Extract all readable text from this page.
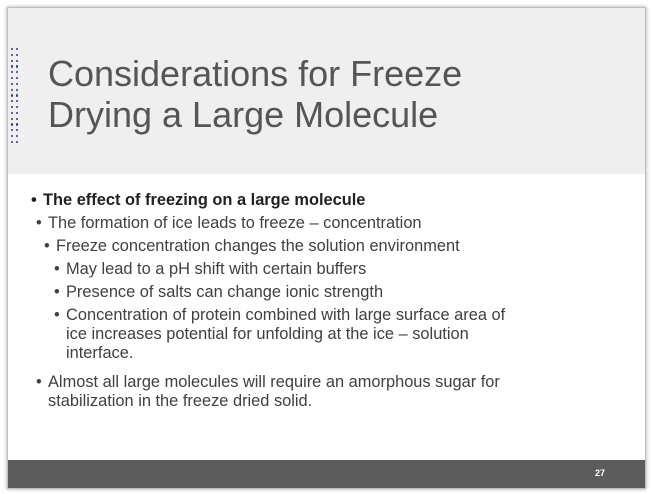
Considerations for Freeze
Drying a Large Molecule
• The effect of freezing on a large molecule
• The formation of ice leads to freeze – concentration
• Freeze concentration changes the solution environment
• May lead to a pH shift with certain buffers
• Presence of salts can change ionic strength
• Concentration of protein combined with large surface area of
ice increases potential for unfolding at the ice – solution
interface.
• Almost all large molecules will require an amorphous sugar for
stabilization in the freeze dried solid.
27
